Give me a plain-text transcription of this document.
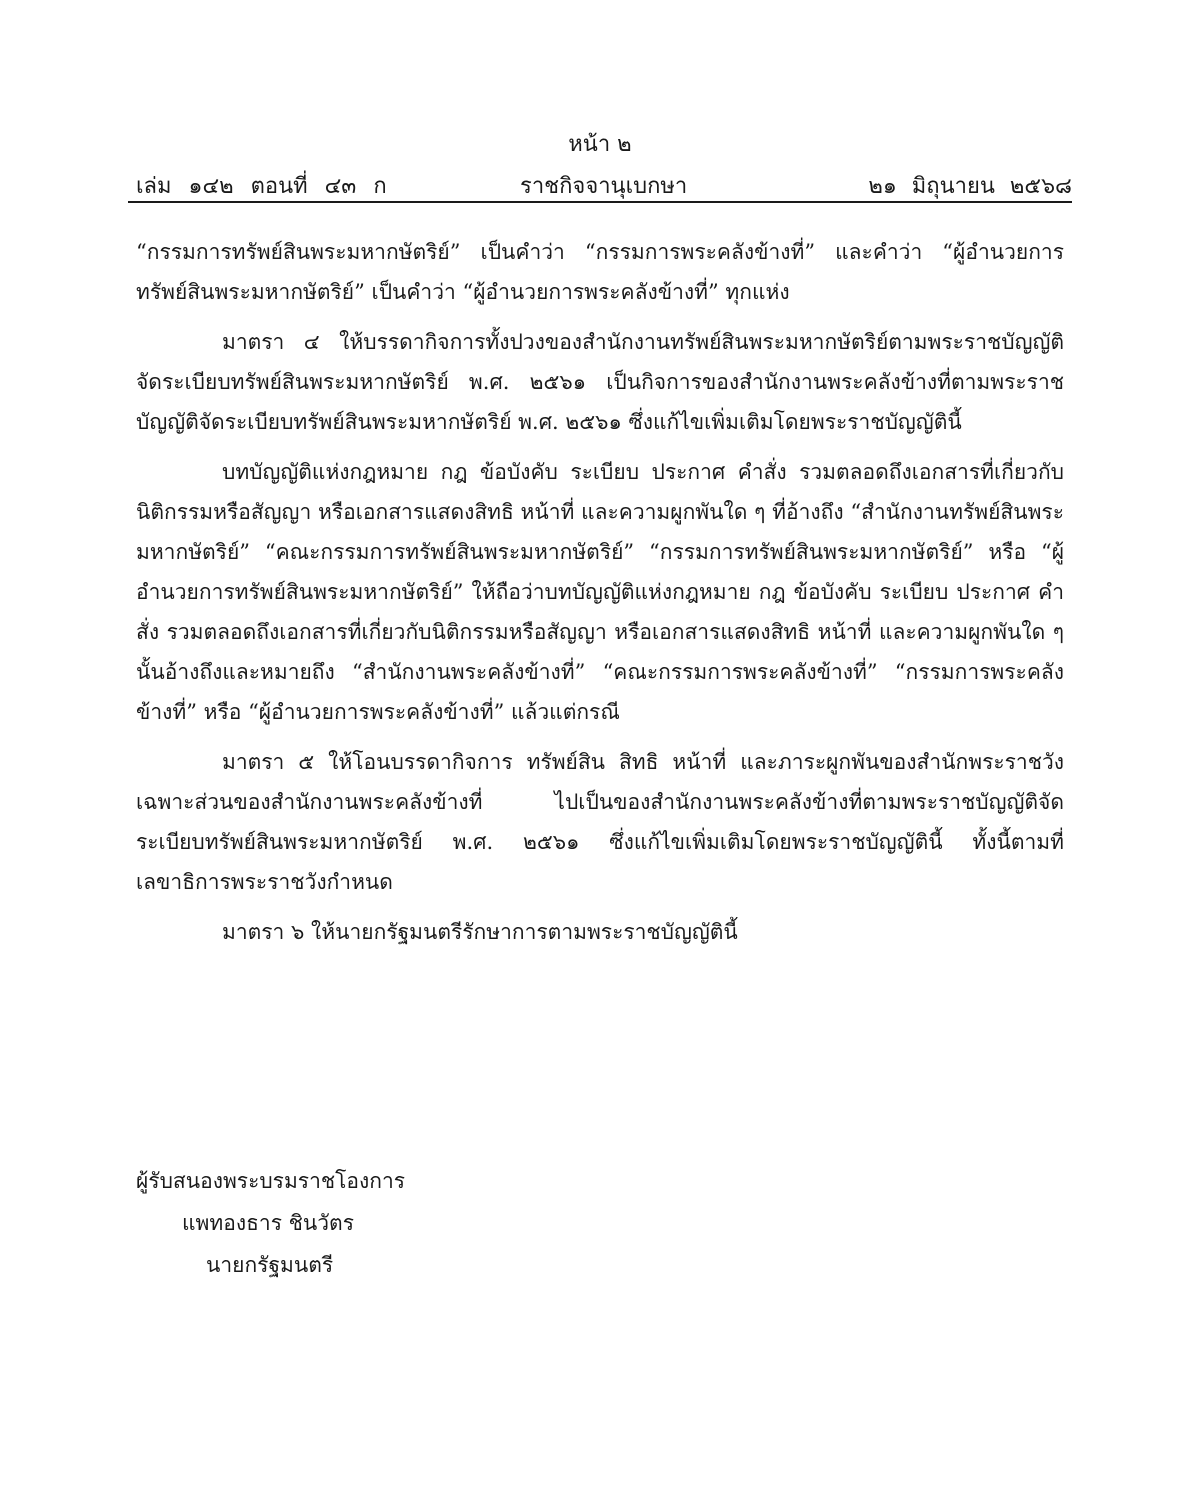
หน้า ๒
เล่ม ๑๔๒ ตอนที่ ๔๓ ก	ราชกิจจานุเบกษา	๒๑ มิถุนายน ๒๕๖๘

“กรรมการทรัพย์สินพระมหากษัตริย์” เป็นคำว่า “กรรมการพระคลังข้างที่” และคำว่า “ผู้อำนวยการทรัพย์สินพระมหากษัตริย์” เป็นคำว่า “ผู้อำนวยการพระคลังข้างที่” ทุกแห่ง

มาตรา ๔ ให้บรรดากิจการทั้งปวงของสำนักงานทรัพย์สินพระมหากษัตริย์ตามพระราชบัญญัติจัดระเบียบทรัพย์สินพระมหากษัตริย์ พ.ศ. ๒๕๖๑ เป็นกิจการของสำนักงานพระคลังข้างที่ตามพระราชบัญญัติจัดระเบียบทรัพย์สินพระมหากษัตริย์ พ.ศ. ๒๕๖๑ ซึ่งแก้ไขเพิ่มเติมโดยพระราชบัญญัตินี้

บทบัญญัติแห่งกฎหมาย กฎ ข้อบังคับ ระเบียบ ประกาศ คำสั่ง รวมตลอดถึงเอกสารที่เกี่ยวกับนิติกรรมหรือสัญญา หรือเอกสารแสดงสิทธิ หน้าที่ และความผูกพันใด ๆ ที่อ้างถึง “สำนักงานทรัพย์สินพระมหากษัตริย์” “คณะกรรมการทรัพย์สินพระมหากษัตริย์” “กรรมการทรัพย์สินพระมหากษัตริย์” หรือ “ผู้อำนวยการทรัพย์สินพระมหากษัตริย์” ให้ถือว่าบทบัญญัติแห่งกฎหมาย กฎ ข้อบังคับ ระเบียบ ประกาศ คำสั่ง รวมตลอดถึงเอกสารที่เกี่ยวกับนิติกรรมหรือสัญญา หรือเอกสารแสดงสิทธิ หน้าที่ และความผูกพันใด ๆ นั้นอ้างถึงและหมายถึง “สำนักงานพระคลังข้างที่” “คณะกรรมการพระคลังข้างที่” “กรรมการพระคลังข้างที่” หรือ “ผู้อำนวยการพระคลังข้างที่” แล้วแต่กรณี

มาตรา ๕ ให้โอนบรรดากิจการ ทรัพย์สิน สิทธิ หน้าที่ และภาระผูกพันของสำนักพระราชวังเฉพาะส่วนของสำนักงานพระคลังข้างที่ ไปเป็นของสำนักงานพระคลังข้างที่ตามพระราชบัญญัติจัดระเบียบทรัพย์สินพระมหากษัตริย์ พ.ศ. ๒๕๖๑ ซึ่งแก้ไขเพิ่มเติมโดยพระราชบัญญัตินี้ ทั้งนี้ตามที่เลขาธิการพระราชวังกำหนด

มาตรา ๖ ให้นายกรัฐมนตรีรักษาการตามพระราชบัญญัตินี้

ผู้รับสนองพระบรมราชโองการ
แพทองธาร ชินวัตร
นายกรัฐมนตรี
